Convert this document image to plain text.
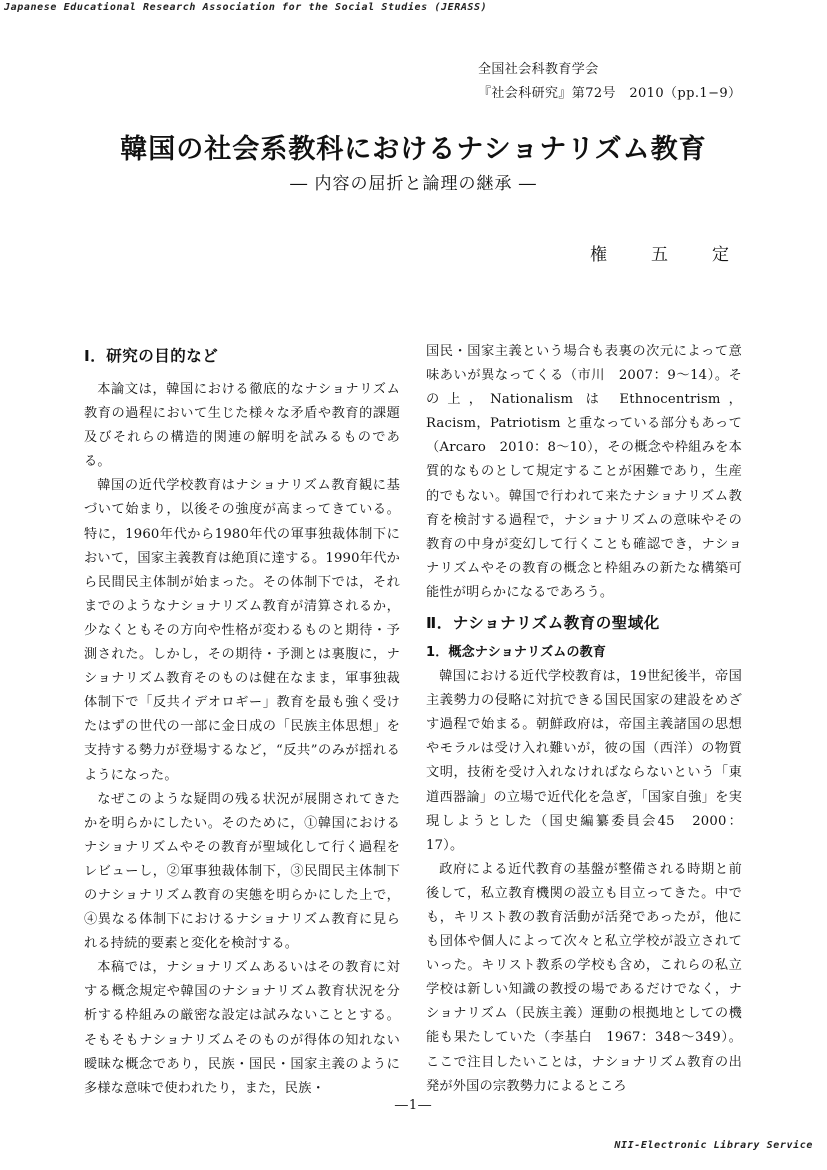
Japanese Educational Research Association for the Social Studies (JERASS)
全国社会科教育学会
『社会科研究』第72号　2010（pp.1−9）
韓国の社会系教科におけるナショナリズム教育
― 内容の屈折と論理の継承 ―
権五定
Ⅰ．研究の目的など

本論文は，韓国における徹底的なナショナリズム教育の過程において生じた様々な矛盾や教育的課題及びそれらの構造的関連の解明を試みるものである。

韓国の近代学校教育はナショナリズム教育観に基づいて始まり，以後その強度が高まってきている。特に，1960年代から1980年代の軍事独裁体制下において，国家主義教育は絶頂に達する。1990年代から民間民主体制が始まった。その体制下では，それまでのようなナショナリズム教育が清算されるか，少なくともその方向や性格が変わるものと期待・予測された。しかし，その期待・予測とは裏腹に，ナショナリズム教育そのものは健在なまま，軍事独裁体制下で「反共イデオロギー」教育を最も強く受けたはずの世代の一部に金日成の「民族主体思想」を支持する勢力が登場するなど，“反共”のみが揺れるようになった。

なぜこのような疑問の残る状況が展開されてきたかを明らかにしたい。そのために，①韓国におけるナショナリズムやその教育が聖域化して行く過程をレビューし，②軍事独裁体制下，③民間民主体制下のナショナリズム教育の実態を明らかにした上で，④異なる体制下におけるナショナリズム教育に見られる持続的要素と変化を検討する。

本稿では，ナショナリズムあるいはその教育に対する概念規定や韓国のナショナリズム教育状況を分析する枠組みの厳密な設定は試みないこととする。そもそもナショナリズムそのものが得体の知れない曖昧な概念であり，民族・国民・国家主義のように多様な意味で使われたり，また，民族・

国民・国家主義という場合も表裏の次元によって意味あいが異なってくる（市川　2007：9〜14）。その上，Nationalism は Ethnocentrism，Racism，Patriotism と重なっている部分もあって（Arcaro　2010：8〜10），その概念や枠組みを本質的なものとして規定することが困難であり，生産的でもない。韓国で行われて来たナショナリズム教育を検討する過程で，ナショナリズムの意味やその教育の中身が変幻して行くことも確認でき，ナショナリズムやその教育の概念と枠組みの新たな構築可能性が明らかになるであろう。

Ⅱ．ナショナリズム教育の聖域化
1．概念ナショナリズムの教育

韓国における近代学校教育は，19世紀後半，帝国主義勢力の侵略に対抗できる国民国家の建設をめざす過程で始まる。朝鮮政府は，帝国主義諸国の思想やモラルは受け入れ難いが，彼の国（西洋）の物質文明，技術を受け入れなければならないという「東道西器論」の立場で近代化を急ぎ，「国家自強」を実現しようとした（国史編纂委員会45　2000：17）。

政府による近代教育の基盤が整備される時期と前後して，私立教育機関の設立も目立ってきた。中でも，キリスト教の教育活動が活発であったが，他にも団体や個人によって次々と私立学校が設立されていった。キリスト教系の学校も含め，これらの私立学校は新しい知識の教授の場であるだけでなく，ナショナリズム（民族主義）運動の根拠地としての機能も果たしていた（李基白　1967：348〜349）。ここで注目したいことは，ナショナリズム教育の出発が外国の宗教勢力によるところ

―1―
NII-Electronic Library Service
